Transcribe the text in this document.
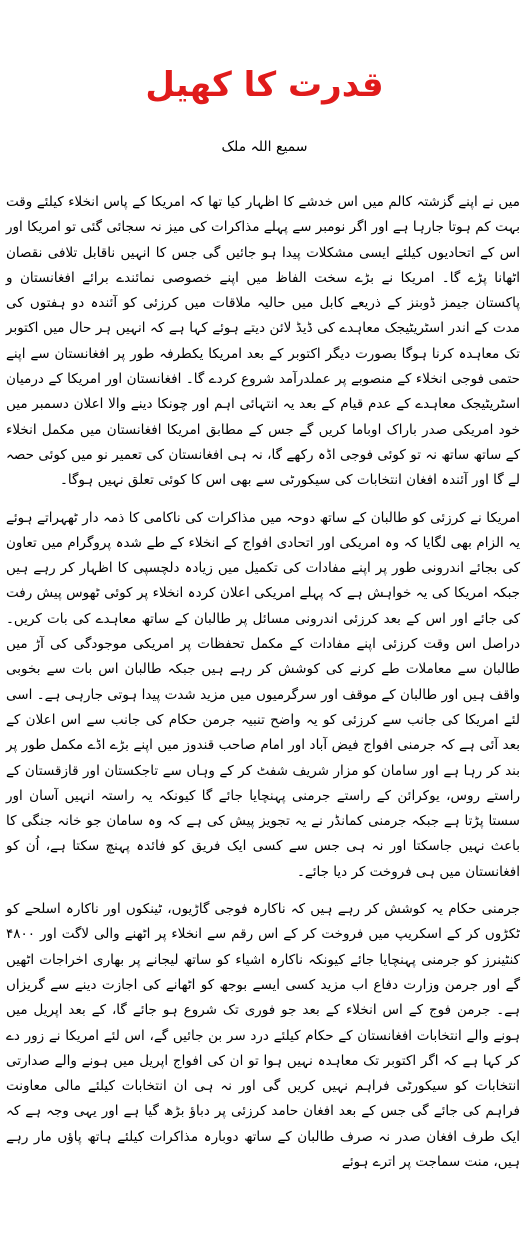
قدرت کا کھیل
سمیع اللہ ملک

میں نے اپنے گزشتہ کالم میں اس خدشے کا اظہار کیا تھا کہ امریکا کے پاس انخلاء کیلئے وقت بہت کم ہوتا جارہا ہے اور اگر نومبر سے پہلے مذاکرات کی میز نہ سجائی گئی تو امریکا اور اس کے اتحادیوں کیلئے ایسی مشکلات پیدا ہو جائیں گی جس کا انہیں ناقابل تلافی نقصان اٹھانا پڑے گا۔ امریکا نے بڑے سخت الفاظ میں اپنے خصوصی نمائندے برائے افغانستان و پاکستان جیمز ڈوبنز کے ذریعے کابل میں حالیہ ملاقات میں کرزئی کو آئندہ دو ہفتوں کی مدت کے اندر اسٹریٹیجک معاہدے کی ڈیڈ لائن دیتے ہوئے کہا ہے کہ انہیں ہر حال میں اکتوبر تک معاہدہ کرنا ہوگا بصورت دیگر اکتوبر کے بعد امریکا یکطرفہ طور پر افغانستان سے اپنے حتمی فوجی انخلاء کے منصوبے پر عملدرآمد شروع کردے گا۔ افغانستان اور امریکا کے درمیان اسٹریٹیجک معاہدے کے عدم قیام کے بعد یہ انتہائی اہم اور چونکا دینے والا اعلان دسمبر میں خود امریکی صدر باراک اوباما کریں گے جس کے مطابق امریکا افغانستان میں مکمل انخلاء کے ساتھ ساتھ نہ تو کوئی فوجی اڈہ رکھے گا، نہ ہی افغانستان کی تعمیر نو میں کوئی حصہ لے گا اور آئندہ افغان انتخابات کی سیکورٹی سے بھی اس کا کوئی تعلق نہیں ہوگا۔

امریکا نے کرزئی کو طالبان کے ساتھ دوحہ میں مذاکرات کی ناکامی کا ذمہ دار ٹھہراتے ہوئے یہ الزام بھی لگایا کہ وہ امریکی اور اتحادی افواج کے انخلاء کے طے شدہ پروگرام میں تعاون کی بجائے اندرونی طور پر اپنے مفادات کی تکمیل میں زیادہ دلچسپی کا اظہار کر رہے ہیں جبکہ امریکا کی یہ خواہش ہے کہ پہلے امریکی اعلان کردہ انخلاء پر کوئی ٹھوس پیش رفت کی جائے اور اس کے بعد کرزئی اندرونی مسائل پر طالبان کے ساتھ معاہدے کی بات کریں۔ دراصل اس وقت کرزئی اپنے مفادات کے مکمل تحفظات پر امریکی موجودگی کی آڑ میں طالبان سے معاملات طے کرنے کی کوشش کر رہے ہیں جبکہ طالبان اس بات سے بخوبی واقف ہیں اور طالبان کے موقف اور سرگرمیوں میں مزید شدت پیدا ہوتی جارہی ہے۔ اسی لئے امریکا کی جانب سے کرزئی کو یہ واضح تنبیہ جرمن حکام کی جانب سے اس اعلان کے بعد آئی ہے کہ جرمنی افواج فیض آباد اور امام صاحب قندوز میں اپنے بڑے اڈے مکمل طور پر بند کر رہا ہے اور سامان کو مزار شریف شفٹ کر کے وہاں سے تاجکستان اور قازقستان کے راستے روس، یوکرائن کے راستے جرمنی پہنچایا جائے گا کیونکہ یہ راستہ انہیں آسان اور سستا پڑتا ہے جبکہ جرمنی کمانڈر نے یہ تجویز پیش کی ہے کہ وہ سامان جو خانہ جنگی کا باعث نہیں جاسکتا اور نہ ہی جس سے کسی ایک فریق کو فائدہ پہنچ سکتا ہے، اُن کو افغانستان میں ہی فروخت کر دیا جائے۔

جرمنی حکام یہ کوشش کر رہے ہیں کہ ناکارہ فوجی گاڑیوں، ٹینکوں اور ناکارہ اسلحے کو ٹکڑوں کر کے اسکریپ میں فروخت کر کے اس رقم سے انخلاء پر اٹھنے والی لاگت اور ۴۸۰۰ کنٹینرز کو جرمنی پہنچایا جائے کیونکہ ناکارہ اشیاء کو ساتھ لیجانے پر بھاری اخراجات اٹھیں گے اور جرمن وزارت دفاع اب مزید کسی ایسے بوجھ کو اٹھانے کی اجازت دینے سے گریزاں ہے۔ جرمن فوج کے اس انخلاء کے بعد جو فوری تک شروع ہو جائے گا، کے بعد اپریل میں ہونے والے انتخابات افغانستان کے حکام کیلئے درد سر بن جائیں گے، اس لئے امریکا نے زور دے کر کہا ہے کہ اگر اکتوبر تک معاہدہ نہیں ہوا تو ان کی افواج اپریل میں ہونے والے صدارتی انتخابات کو سیکورٹی فراہم نہیں کریں گی اور نہ ہی ان انتخابات کیلئے مالی معاونت فراہم کی جائے گی جس کے بعد افغان حامد کرزئی پر دباؤ بڑھ گیا ہے اور یہی وجہ ہے کہ ایک طرف افغان صدر نہ صرف طالبان کے ساتھ دوبارہ مذاکرات کیلئے ہاتھ پاؤں مار رہے ہیں، منت سماجت پر اترے ہوئے
